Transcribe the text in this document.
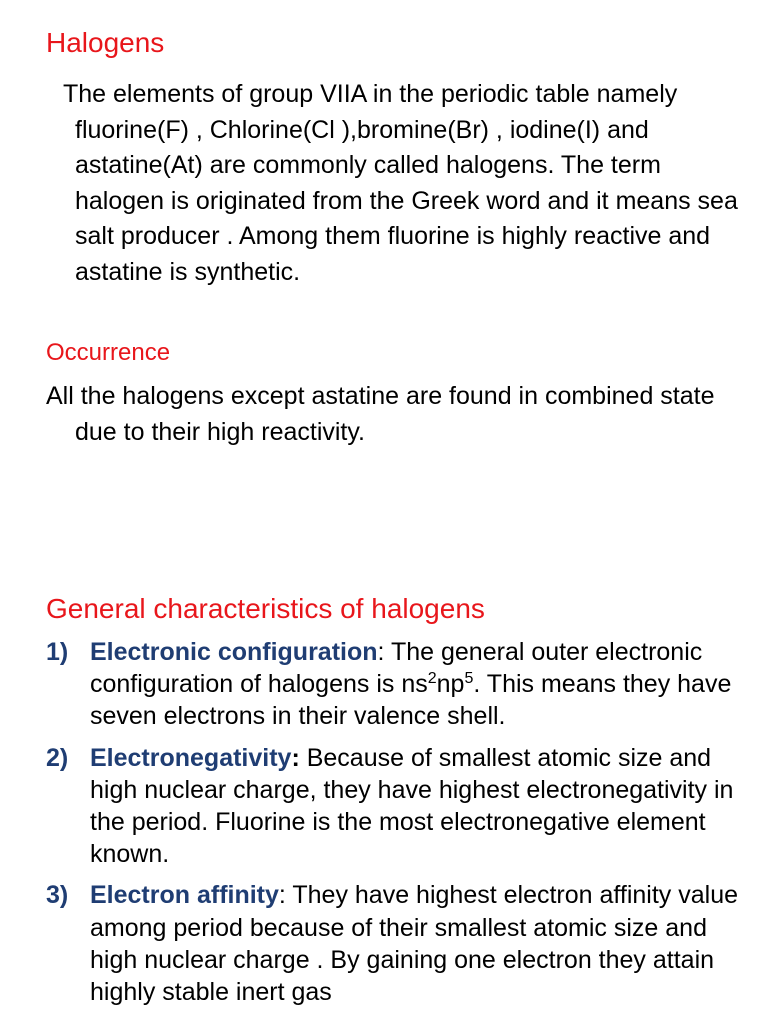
Halogens

The elements of group VIIA in the periodic table namely fluorine(F) , Chlorine(Cl ),bromine(Br) , iodine(I) and astatine(At) are commonly called halogens. The term halogen is originated from the Greek word and it means sea salt producer . Among them fluorine is highly reactive and astatine is synthetic.

Occurrence

All the halogens except astatine are found in combined state due to their high reactivity.

General characteristics of halogens
1) Electronic configuration: The general outer electronic configuration of halogens is $ns^2np^5$. This means they have seven electrons in their valence shell.
2) Electronegativity: Because of smallest atomic size and high nuclear charge, they have highest electronegativity in the period. Fluorine is the most electronegative element known.
3) Electron affinity: They have highest electron affinity value among period because of their smallest atomic size and high nuclear charge . By gaining one electron they attain highly stable inert gas
